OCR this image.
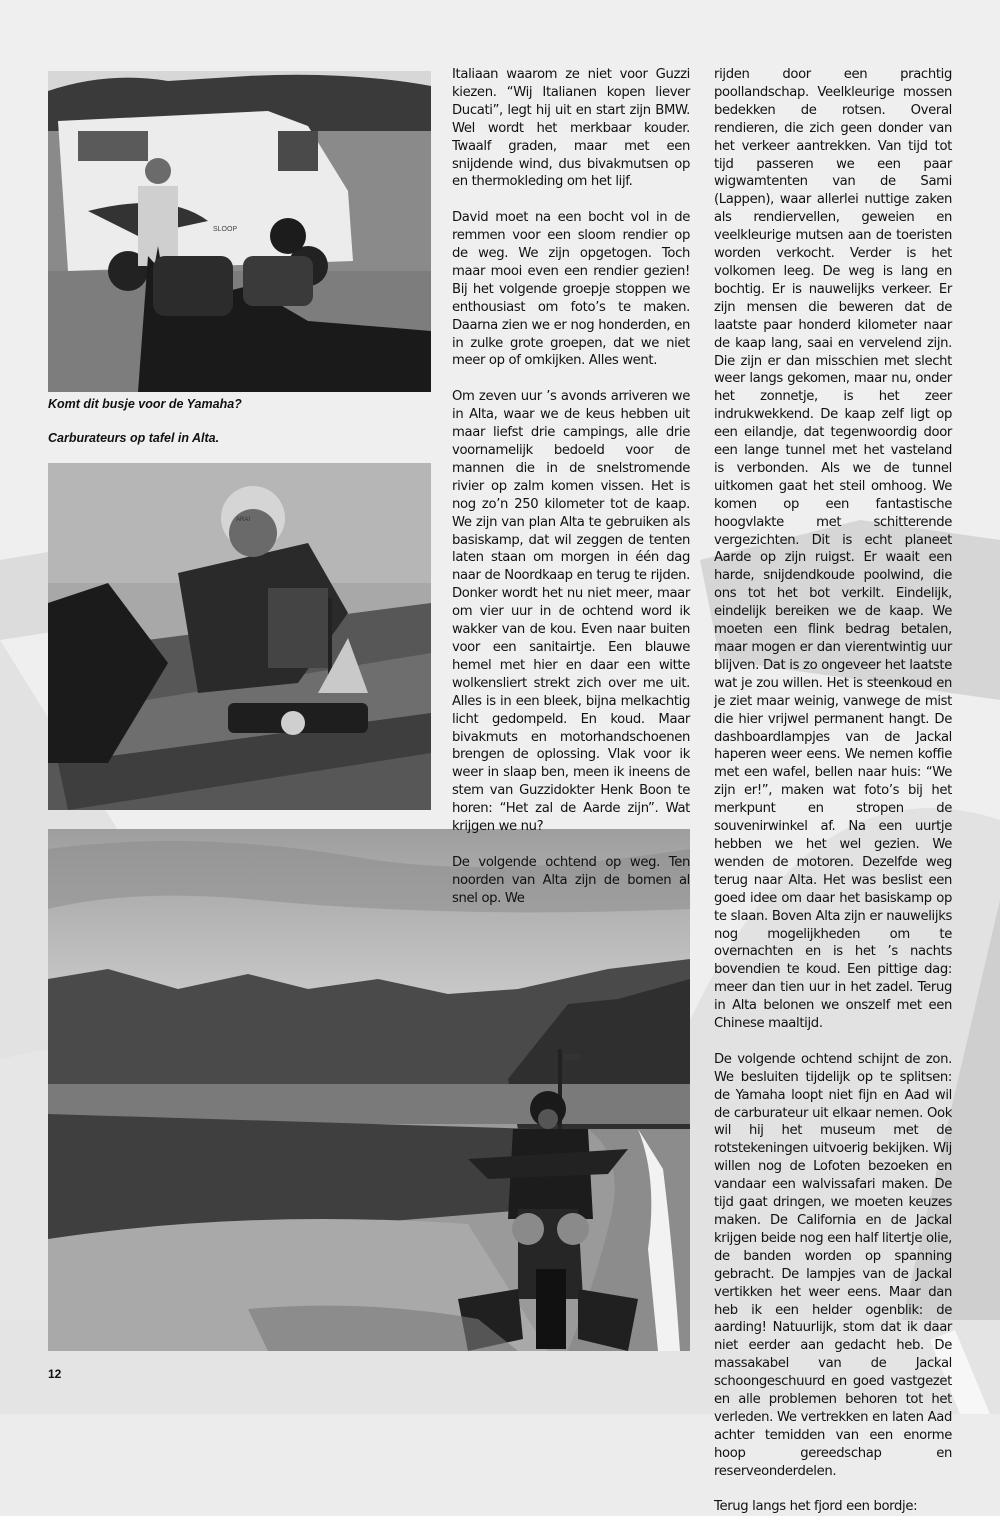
SLOOP

Komt dit busje voor de Yamaha?

Carburateurs op tafel in Alta.

ARAI

Italiaan waarom ze niet voor Guzzi kiezen. “Wij Italianen kopen liever Ducati”, legt hij uit en start zijn BMW. Wel wordt het merkbaar kouder. Twaalf graden, maar met een snijdende wind, dus bivakmutsen op en thermokleding om het lijf.

David moet na een bocht vol in de remmen voor een sloom rendier op de weg. We zijn opgetogen. Toch maar mooi even een rendier gezien! Bij het volgende groepje stoppen we enthousiast om foto’s te maken. Daarna zien we er nog honderden, en in zulke grote groepen, dat we niet meer op of omkijken. Alles went.

Om zeven uur ’s avonds arriveren we in Alta, waar we de keus hebben uit maar liefst drie campings, alle drie voornamelijk bedoeld voor de mannen die in de snelstromende rivier op zalm komen vissen. Het is nog zo’n 250 kilometer tot de kaap. We zijn van plan Alta te gebruiken als basiskamp, dat wil zeggen de tenten laten staan om morgen in één dag naar de Noordkaap en terug te rijden. Donker wordt het nu niet meer, maar om vier uur in de ochtend word ik wakker van de kou. Even naar buiten voor een sanitairtje. Een blauwe hemel met hier en daar een witte wolkensliert strekt zich over me uit. Alles is in een bleek, bijna melkachtig licht gedompeld. En koud. Maar bivakmuts en motorhandschoenen brengen de oplossing. Vlak voor ik weer in slaap ben, meen ik ineens de stem van Guzzidokter Henk Boon te horen: “Het zal de Aarde zijn”. Wat krijgen we nu?

De volgende ochtend op weg. Ten noorden van Alta zijn de bomen al snel op. We

rijden door een prachtig poollandschap. Veelkleurige mossen bedekken de rotsen. Overal rendieren, die zich geen donder van het verkeer aantrekken. Van tijd tot tijd passeren we een paar wigwamtenten van de Sami (Lappen), waar allerlei nuttige zaken als rendiervellen, geweien en veelkleurige mutsen aan de toeristen worden verkocht. Verder is het volkomen leeg. De weg is lang en bochtig. Er is nauwelijks verkeer. Er zijn mensen die beweren dat de laatste paar honderd kilometer naar de kaap lang, saai en vervelend zijn. Die zijn er dan misschien met slecht weer langs gekomen, maar nu, onder het zonnetje, is het zeer indrukwekkend. De kaap zelf ligt op een eilandje, dat tegenwoordig door een lange tunnel met het vasteland is verbonden. Als we de tunnel uitkomen gaat het steil omhoog. We komen op een fantastische hoogvlakte met schitterende vergezichten. Dit is echt planeet Aarde op zijn ruigst. Er waait een harde, snijdendkoude poolwind, die ons tot het bot verkilt. Eindelijk, eindelijk bereiken we de kaap. We moeten een flink bedrag betalen, maar mogen er dan vierentwintig uur blijven. Dat is zo ongeveer het laatste wat je zou willen. Het is steenkoud en je ziet maar weinig, vanwege de mist die hier vrijwel permanent hangt. De dashboardlampjes van de Jackal haperen weer eens. We nemen koffie met een wafel, bellen naar huis: “We zijn er!”, maken wat foto’s bij het merkpunt en stropen de souvenirwinkel af. Na een uurtje hebben we het wel gezien. We wenden de motoren. Dezelfde weg terug naar Alta. Het was beslist een goed idee om daar het basiskamp op te slaan. Boven Alta zijn er nauwelijks nog mogelijkheden om te overnachten en is het ’s nachts bovendien te koud. Een pittige dag: meer dan tien uur in het zadel. Terug in Alta belonen we onszelf met een Chinese maaltijd.

De volgende ochtend schijnt de zon. We besluiten tijdelijk op te splitsen: de Yamaha loopt niet fijn en Aad wil de carburateur uit elkaar nemen. Ook wil hij het museum met de rotstekeningen uitvoerig bekijken. Wij willen nog de Lofoten bezoeken en vandaar een walvissafari maken. De tijd gaat dringen, we moeten keuzes maken. De California en de Jackal krijgen beide nog een half litertje olie, de banden worden op spanning gebracht. De lampjes van de Jackal vertikken het weer eens. Maar dan heb ik een helder ogenblik: de aarding! Natuurlijk, stom dat ik daar niet eerder aan gedacht heb. De massakabel van de Jackal schoongeschuurd en goed vastgezet en alle problemen behoren tot het verleden. We vertrekken en laten Aad achter temidden van een enorme hoop gereedschap en reserveonderdelen.

Terug langs het fjord een bordje:

12
